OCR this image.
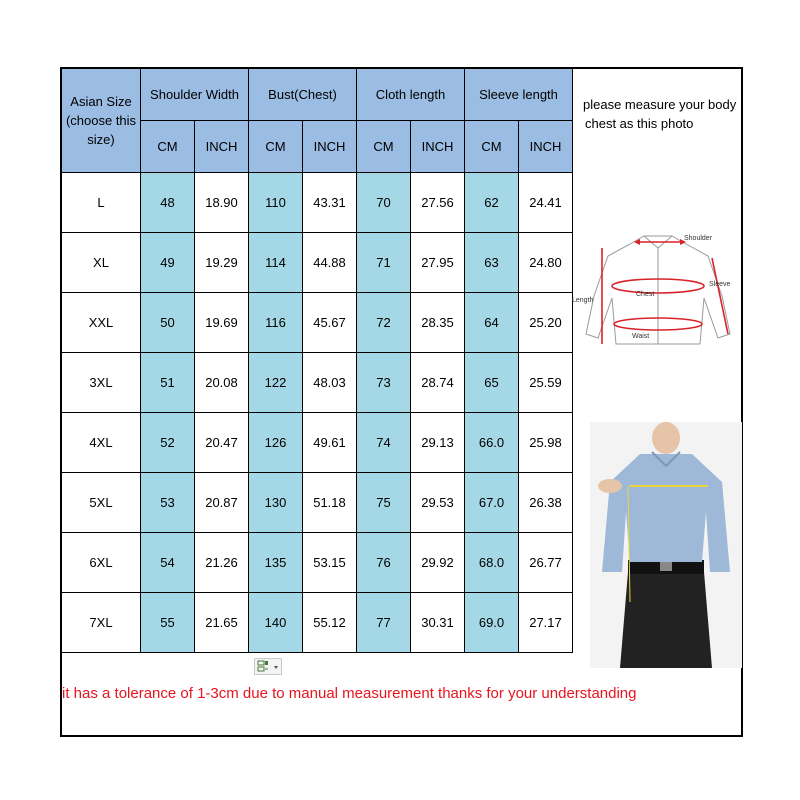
Asian Size (choose this size)	Shoulder Width		Bust(Chest)		Cloth length		Sleeve length	
	CM	INCH	CM	INCH	CM	INCH	CM	INCH
L	48	18.90	110	43.31	70	27.56	62	24.41
XL	49	19.29	114	44.88	71	27.95	63	24.80
XXL	50	19.69	116	45.67	72	28.35	64	25.20
3XL	51	20.08	122	48.03	73	28.74	65	25.59
4XL	52	20.47	126	49.61	74	29.13	66.0	25.98
5XL	53	20.87	130	51.18	75	29.53	67.0	26.38
6XL	54	21.26	135	53.15	76	29.92	68.0	26.77
7XL	55	21.65	140	55.12	77	30.31	69.0	27.17
please measure your body
chest as this photo
Shoulder
Sleeve
Length
Chest
Waist
it has a tolerance of 1-3cm due to manual measurement thanks for your understanding
